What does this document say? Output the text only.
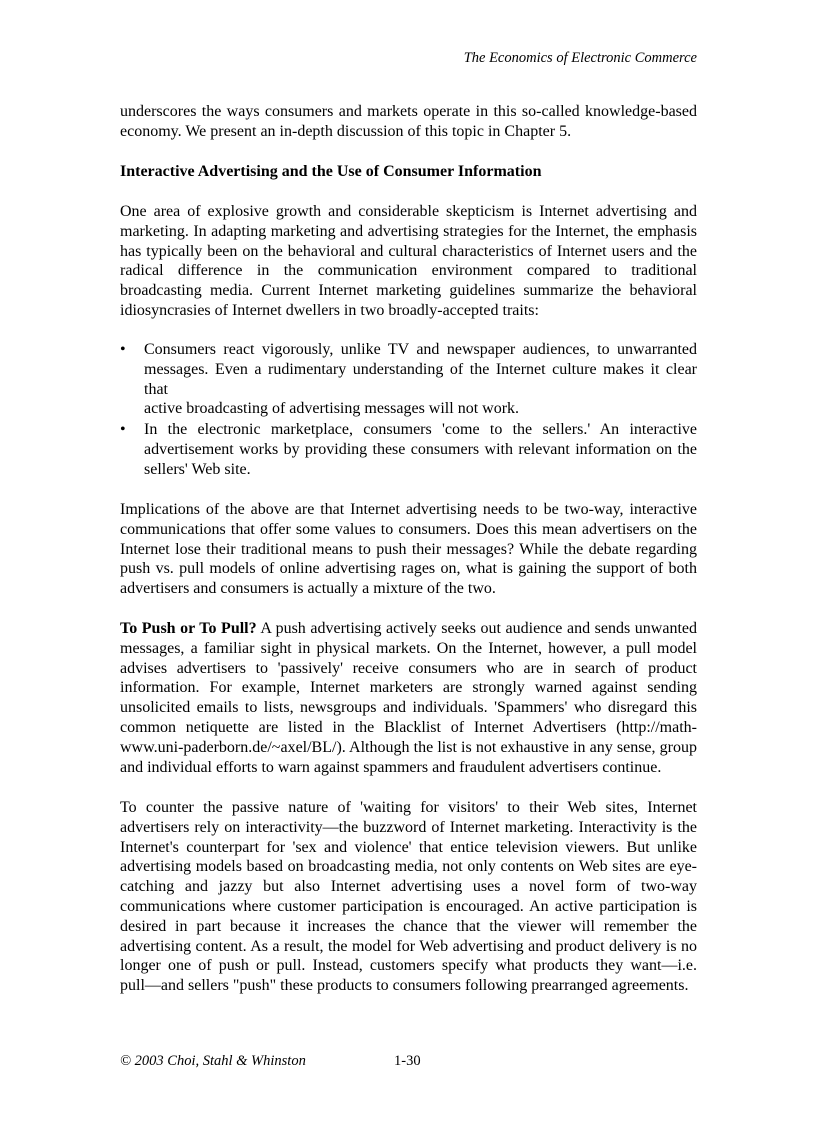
The Economics of Electronic Commerce
underscores the ways consumers and markets operate in this so-called knowledge-based
economy. We present an in-depth discussion of this topic in Chapter 5.
Interactive Advertising and the Use of Consumer Information
One area of explosive growth and considerable skepticism is Internet advertising and
marketing. In adapting marketing and advertising strategies for the Internet, the emphasis
has typically been on the behavioral and cultural characteristics of Internet users and the
radical difference in the communication environment compared to traditional
broadcasting media. Current Internet marketing guidelines summarize the behavioral
idiosyncrasies of Internet dwellers in two broadly-accepted traits:
• Consumers react vigorously, unlike TV and newspaper audiences, to unwarranted
messages. Even a rudimentary understanding of the Internet culture makes it clear that
active broadcasting of advertising messages will not work.
• In the electronic marketplace, consumers 'come to the sellers.' An interactive
advertisement works by providing these consumers with relevant information on the
sellers' Web site.
Implications of the above are that Internet advertising needs to be two-way, interactive
communications that offer some values to consumers. Does this mean advertisers on the
Internet lose their traditional means to push their messages? While the debate regarding
push vs. pull models of online advertising rages on, what is gaining the support of both
advertisers and consumers is actually a mixture of the two.
To Push or To Pull? A push advertising actively seeks out audience and sends unwanted
messages, a familiar sight in physical markets. On the Internet, however, a pull model
advises advertisers to 'passively' receive consumers who are in search of product
information. For example, Internet marketers are strongly warned against sending
unsolicited emails to lists, newsgroups and individuals. 'Spammers' who disregard this
common netiquette are listed in the Blacklist of Internet Advertisers (http://math-
www.uni-paderborn.de/~axel/BL/). Although the list is not exhaustive in any sense, group
and individual efforts to warn against spammers and fraudulent advertisers continue.
To counter the passive nature of 'waiting for visitors' to their Web sites, Internet
advertisers rely on interactivity—the buzzword of Internet marketing. Interactivity is the
Internet's counterpart for 'sex and violence' that entice television viewers. But unlike
advertising models based on broadcasting media, not only contents on Web sites are eye-
catching and jazzy but also Internet advertising uses a novel form of two-way
communications where customer participation is encouraged. An active participation is
desired in part because it increases the chance that the viewer will remember the
advertising content. As a result, the model for Web advertising and product delivery is no
longer one of push or pull. Instead, customers specify what products they want—i.e.
pull—and sellers "push" these products to consumers following prearranged agreements.
© 2003 Choi, Stahl & Whinston	1-30
